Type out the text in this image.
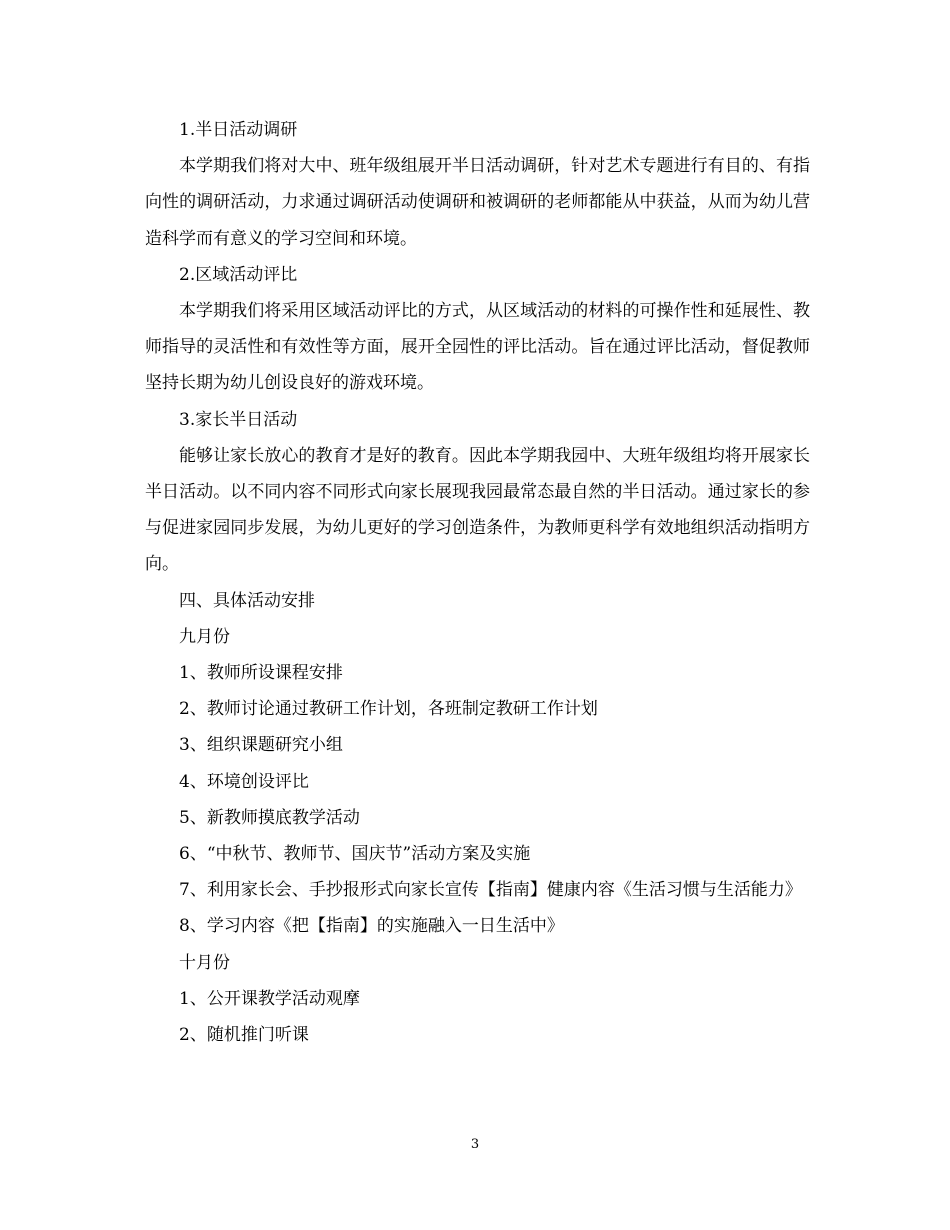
1.半日活动调研

本学期我们将对大中、班年级组展开半日活动调研，针对艺术专题进行有目的、有指向性的调研活动，力求通过调研活动使调研和被调研的老师都能从中获益，从而为幼儿营造科学而有意义的学习空间和环境。

2.区域活动评比

本学期我们将采用区域活动评比的方式，从区域活动的材料的可操作性和延展性、教师指导的灵活性和有效性等方面，展开全园性的评比活动。旨在通过评比活动，督促教师坚持长期为幼儿创设良好的游戏环境。

3.家长半日活动

能够让家长放心的教育才是好的教育。因此本学期我园中、大班年级组均将开展家长半日活动。以不同内容不同形式向家长展现我园最常态最自然的半日活动。通过家长的参与促进家园同步发展，为幼儿更好的学习创造条件，为教师更科学有效地组织活动指明方向。

四、具体活动安排

九月份

1、教师所设课程安排

2、教师讨论通过教研工作计划，各班制定教研工作计划

3、组织课题研究小组

4、环境创设评比

5、新教师摸底教学活动

6、“中秋节、教师节、国庆节”活动方案及实施

7、利用家长会、手抄报形式向家长宣传【指南】健康内容《生活习惯与生活能力》

8、学习内容《把【指南】的实施融入一日生活中》

十月份

1、公开课教学活动观摩

2、随机推门听课

3
